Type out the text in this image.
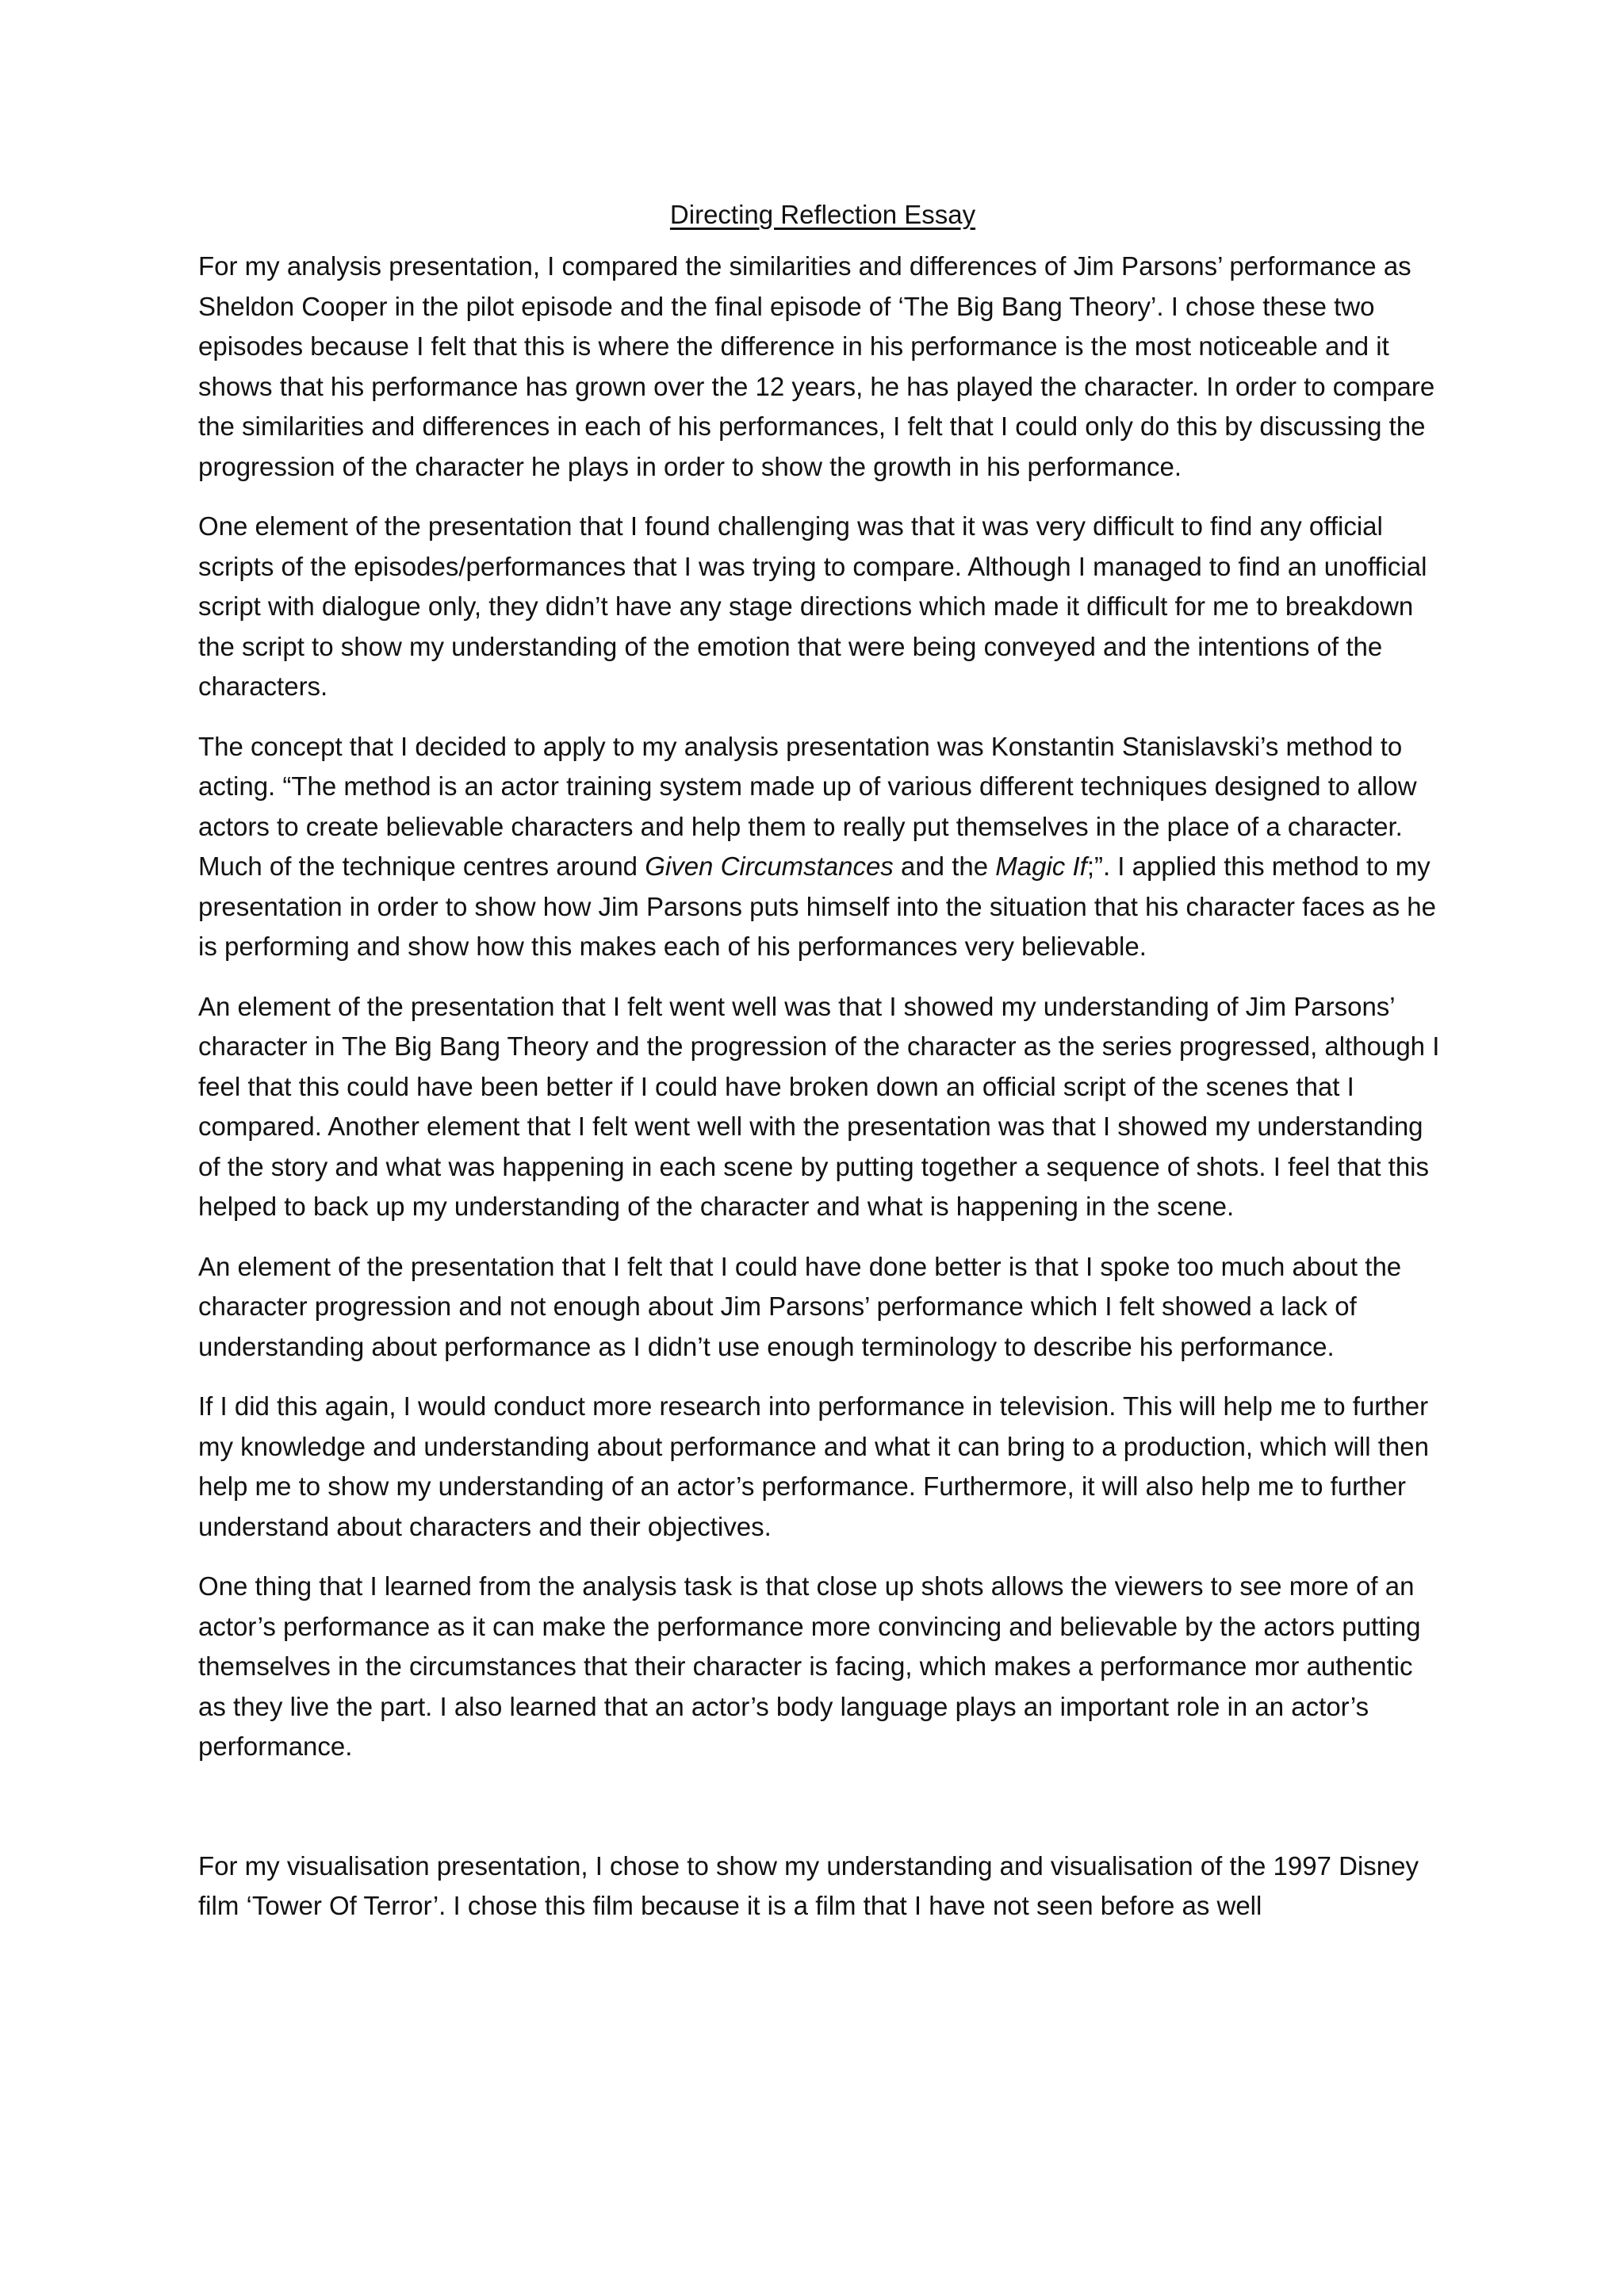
Directing Reflection Essay

For my analysis presentation, I compared the similarities and differences of Jim Parsons’ performance as Sheldon Cooper in the pilot episode and the final episode of ‘The Big Bang Theory’. I chose these two episodes because I felt that this is where the difference in his performance is the most noticeable and it shows that his performance has grown over the 12 years, he has played the character. In order to compare the similarities and differences in each of his performances, I felt that I could only do this by discussing the progression of the character he plays in order to show the growth in his performance.

One element of the presentation that I found challenging was that it was very difficult to find any official scripts of the episodes/performances that I was trying to compare. Although I managed to find an unofficial script with dialogue only, they didn’t have any stage directions which made it difficult for me to breakdown the script to show my understanding of the emotion that were being conveyed and the intentions of the characters.

The concept that I decided to apply to my analysis presentation was Konstantin Stanislavski’s method to acting. “The method is an actor training system made up of various different techniques designed to allow actors to create believable characters and help them to really put themselves in the place of a character. Much of the technique centres around Given Circumstances and the Magic If;”. I applied this method to my presentation in order to show how Jim Parsons puts himself into the situation that his character faces as he is performing and show how this makes each of his performances very believable.

An element of the presentation that I felt went well was that I showed my understanding of Jim Parsons’ character in The Big Bang Theory and the progression of the character as the series progressed, although I feel that this could have been better if I could have broken down an official script of the scenes that I compared. Another element that I felt went well with the presentation was that I showed my understanding of the story and what was happening in each scene by putting together a sequence of shots. I feel that this helped to back up my understanding of the character and what is happening in the scene.

An element of the presentation that I felt that I could have done better is that I spoke too much about the character progression and not enough about Jim Parsons’ performance which I felt showed a lack of understanding about performance as I didn’t use enough terminology to describe his performance.

If I did this again, I would conduct more research into performance in television. This will help me to further my knowledge and understanding about performance and what it can bring to a production, which will then help me to show my understanding of an actor’s performance. Furthermore, it will also help me to further understand about characters and their objectives.

One thing that I learned from the analysis task is that close up shots allows the viewers to see more of an actor’s performance as it can make the performance more convincing and believable by the actors putting themselves in the circumstances that their character is facing, which makes a performance mor authentic as they live the part. I also learned that an actor’s body language plays an important role in an actor’s performance.

For my visualisation presentation, I chose to show my understanding and visualisation of the 1997 Disney film ‘Tower Of Terror’. I chose this film because it is a film that I have not seen before as well
